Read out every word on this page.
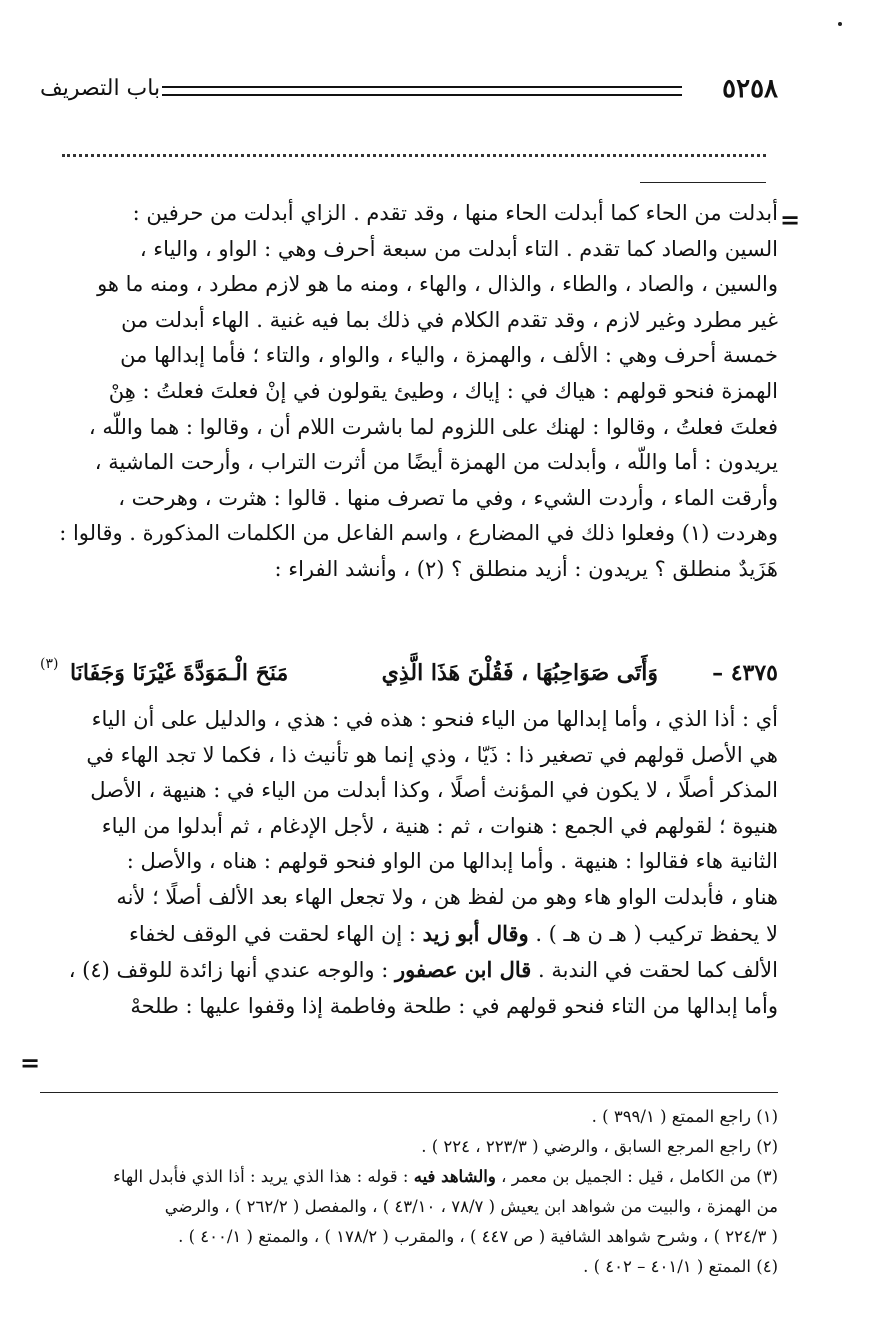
٥٢٥٨
باب التصريف
=

أبدلت من الحاء كما أبدلت الحاء منها ، وقد تقدم . الزاي أبدلت من حرفين :

السين والصاد كما تقدم . التاء أبدلت من سبعة أحرف وهي : الواو ، والياء ،

والسين ، والصاد ، والطاء ، والذال ، والهاء ، ومنه ما هو لازم مطرد ، ومنه ما هو

غير مطرد وغير لازم ، وقد تقدم الكلام في ذلك بما فيه غنية . الهاء أبدلت من

خمسة أحرف وهي : الألف ، والهمزة ، والياء ، والواو ، والتاء ؛ فأما إبدالها من

الهمزة فنحو قولهم : هياك في : إياك ، وطيئ يقولون في إنْ فعلتَ فعلتُ : هِنْ

فعلتَ فعلتُ ، وقالوا : لهنك على اللزوم لما باشرت اللام أن ، وقالوا : هما واللّه ،

يريدون : أما واللّه ، وأبدلت من الهمزة أيضًا من أثرت التراب ، وأرحت الماشية ،

وأرقت الماء ، وأردت الشيء ، وفي ما تصرف منها . قالوا : هثرت ، وهرحت ،

وهردت (١) وفعلوا ذلك في المضارع ، واسم الفاعل من الكلمات المذكورة . وقالوا :

هَزَيدٌ منطلق ؟ يريدون : أزيد منطلق ؟ (٢) ، وأنشد الفراء :

٤٣٧٥ –
وَأَتَى صَوَاحِبُهَا ، فَقُلْنَ هَذَا الَّذِي
مَنَحَ الْـمَوَدَّةَ غَيْرَنَا وَجَفَانَا
(٣)

أي : أذا الذي ، وأما إبدالها من الياء فنحو : هذه في : هذي ، والدليل على أن الياء

هي الأصل قولهم في تصغير ذا : ذَيّا ، وذي إنما هو تأنيث ذا ، فكما لا تجد الهاء في

المذكر أصلًا ، لا يكون في المؤنث أصلًا ، وكذا أبدلت من الياء في : هنيهة ، الأصل

هنيوة ؛ لقولهم في الجمع : هنوات ، ثم : هنية ، لأجل الإدغام ، ثم أبدلوا من الياء

الثانية هاء فقالوا : هنيهة . وأما إبدالها من الواو فنحو قولهم : هناه ، والأصل :

هناو ، فأبدلت الواو هاء وهو من لفظ هن ، ولا تجعل الهاء بعد الألف أصلًا ؛ لأنه

لا يحفظ تركيب ( هـ ن هـ ) . وقال أبو زيد : إن الهاء لحقت في الوقف لخفاء

الألف كما لحقت في الندبة . قال ابن عصفور : والوجه عندي أنها زائدة للوقف (٤) ،

وأما إبدالها من التاء فنحو قولهم في : طلحة وفاطمة إذا وقفوا عليها : طلحهْ

=

(١) راجع الممتع ( ٣٩٩/١ ) .

(٢) راجع المرجع السابق ، والرضي ( ٢٢٣/٣ ، ٢٢٤ ) .

(٣) من الكامل ، قيل : الجميل بن معمر ، والشاهد فيه : قوله : هذا الذي يريد : أذا الذي فأبدل الهاء

من الهمزة ، والبيت من شواهد ابن يعيش ( ٧٨/٧ ، ٤٣/١٠ ) ، والمفصل ( ٢٦٢/٢ ) ، والرضي

( ٢٢٤/٣ ) ، وشرح شواهد الشافية ( ص ٤٤٧ ) ، والمقرب ( ١٧٨/٢ ) ، والممتع ( ٤٠٠/١ ) .

(٤) الممتع ( ٤٠١/١ – ٤٠٢ ) .
